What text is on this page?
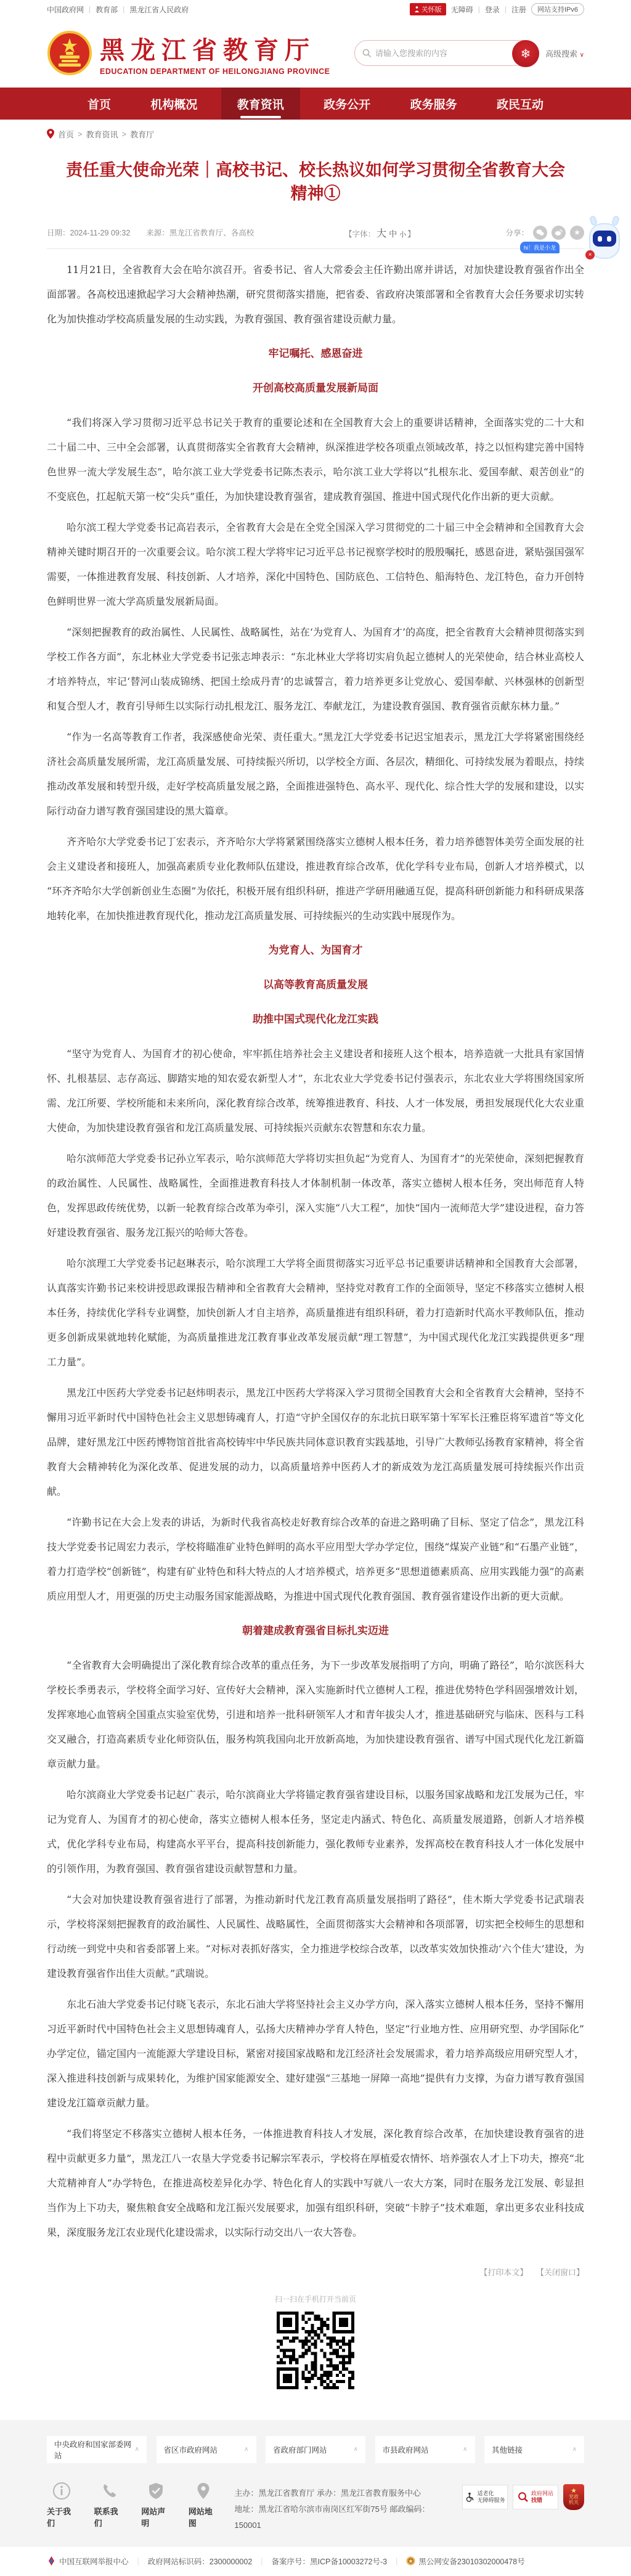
中国政府网 | 教育部 | 黑龙江省人民政府	关怀版 无障碍 | 登录 | 注册	网站支持IPv6
黑龙江省教育厅
EDUCATION DEPARTMENT OF HEILONGJIANG PROVINCE
请输入您搜索的内容
❄	高级搜索 ∨
首页	机构概况	教育资讯	政务公开	政务服务	政民互动
首页 > 教育资讯 > 教育厅
责任重大使命光荣｜高校书记、校长热议如何学习贯彻全省教育大会精神①
日期：2024-11-29 09:32 来源：黑龙江省教育厅、各高校	【字体： 大 中 小 】	分享：	★

11月21日，全省教育大会在哈尔滨召开。省委书记、省人大常委会主任许勤出席并讲话，对加快建设教育强省作出全面部署。各高校迅速掀起学习大会精神热潮，研究贯彻落实措施，把省委、省政府决策部署和全省教育大会任务要求切实转化为加快推动学校高质量发展的生动实践，为教育强国、教育强省建设贡献力量。

牢记嘱托、感恩奋进

开创高校高质量发展新局面

“我们将深入学习贯彻习近平总书记关于教育的重要论述和在全国教育大会上的重要讲话精神，全面落实党的二十大和二十届二中、三中全会部署，认真贯彻落实全省教育大会精神，纵深推进学校各项重点领域改革，持之以恒构建完善中国特色世界一流大学发展生态”，哈尔滨工业大学党委书记陈杰表示，哈尔滨工业大学将以“扎根东北、爱国奉献、艰苦创业”的不变底色，扛起航天第一校“尖兵”重任，为加快建设教育强省，建成教育强国、推进中国式现代化作出新的更大贡献。

哈尔滨工程大学党委书记高岩表示，全省教育大会是在全党全国深入学习贯彻党的二十届三中全会精神和全国教育大会精神关键时期召开的一次重要会议。哈尔滨工程大学将牢记习近平总书记视察学校时的殷殷嘱托，感恩奋进，紧贴强国强军需要，一体推进教育发展、科技创新、人才培养，深化中国特色、国防底色、工信特色、船海特色、龙江特色，奋力开创特色鲜明世界一流大学高质量发展新局面。

“深刻把握教育的政治属性、人民属性、战略属性，站在‘为党育人、为国育才’的高度，把全省教育大会精神贯彻落实到学校工作各方面”，东北林业大学党委书记张志坤表示：“东北林业大学将切实肩负起立德树人的光荣使命，结合林业高校人才培养特点，牢记‘替河山装成锦绣、把国土绘成丹青’的忠诚誓言，着力培养更多让党放心、爱国奉献、兴林强林的创新型和复合型人才，教育引导师生以实际行动扎根龙江、服务龙江、奉献龙江，为建设教育强国、教育强省贡献东林力量。”

“作为一名高等教育工作者，我深感使命光荣、责任重大。”黑龙江大学党委书记迟宝旭表示，黑龙江大学将紧密围绕经济社会高质量发展所需，龙江高质量发展、可持续振兴所切，以学校全方面、各层次，精细化、可持续发展为着眼点，持续推动改革发展和转型升级，走好学校高质量发展之路，全面推进强特色、高水平、现代化、综合性大学的发展和建设，以实际行动奋力谱写教育强国建设的黑大篇章。

齐齐哈尔大学党委书记丁宏表示，齐齐哈尔大学将紧紧围绕落实立德树人根本任务，着力培养德智体美劳全面发展的社会主义建设者和接班人，加强高素质专业化教师队伍建设，推进教育综合改革，优化学科专业布局，创新人才培养模式，以“环齐齐哈尔大学创新创业生态圈”为依托，积极开展有组织科研，推进产学研用融通互促，提高科研创新能力和科研成果落地转化率，在加快推进教育现代化，推动龙江高质量发展、可持续振兴的生动实践中展现作为。

为党育人、为国育才

以高等教育高质量发展

助推中国式现代化龙江实践

“坚守为党育人、为国育才的初心使命，牢牢抓住培养社会主义建设者和接班人这个根本，培养造就一大批具有家国情怀、扎根基层、志存高远、脚踏实地的知农爱农新型人才”，东北农业大学党委书记付强表示，东北农业大学将围绕国家所需、龙江所要、学校所能和未来所向，深化教育综合改革，统筹推进教育、科技、人才一体发展，勇担发展现代化大农业重大使命，为加快建设教育强省和龙江高质量发展、可持续振兴贡献东农智慧和东农力量。

哈尔滨师范大学党委书记孙立军表示，哈尔滨师范大学将切实担负起“为党育人、为国育才”的光荣使命，深刻把握教育的政治属性、人民属性、战略属性，全面推进教育科技人才体制机制一体改革，落实立德树人根本任务，突出师范育人特色，发挥思政传统优势，以新一轮教育综合改革为牵引，深入实施“八大工程”，加快“国内一流师范大学”建设进程，奋力答好建设教育强省、服务龙江振兴的哈师大答卷。

哈尔滨理工大学党委书记赵琳表示，哈尔滨理工大学将全面贯彻落实习近平总书记重要讲话精神和全国教育大会部署，认真落实许勤书记来校讲授思政课报告精神和全省教育大会精神，坚持党对教育工作的全面领导，坚定不移落实立德树人根本任务，持续优化学科专业调整，加快创新人才自主培养，高质量推进有组织科研，着力打造新时代高水平教师队伍，推动更多创新成果就地转化赋能，为高质量推进龙江教育事业改革发展贡献“理工智慧”，为中国式现代化龙江实践提供更多“理工力量”。

黑龙江中医药大学党委书记赵炜明表示，黑龙江中医药大学将深入学习贯彻全国教育大会和全省教育大会精神，坚持不懈用习近平新时代中国特色社会主义思想铸魂育人，打造“守护全国仅存的东北抗日联军第十军军长汪雅臣将军遗首”等文化品牌，建好黑龙江中医药博物馆首批省高校铸牢中华民族共同体意识教育实践基地，引导广大教师弘扬教育家精神，将全省教育大会精神转化为深化改革、促进发展的动力，以高质量培养中医药人才的新成效为龙江高质量发展可持续振兴作出贡献。

“许勤书记在大会上发表的讲话，为新时代我省高校走好教育综合改革的奋进之路明确了目标、坚定了信念”，黑龙江科技大学党委书记周宏力表示，学校将瞄准矿业特色鲜明的高水平应用型大学办学定位，围绕“煤炭产业链”和“石墨产业链”，着力打造学校“创新链”，构建有矿业特色和科大特点的人才培养模式，培养更多“思想道德素质高、应用实践能力强”的高素质应用型人才，用更强的历史主动服务国家能源战略，为推进中国式现代化教育强国、教育强省建设作出新的更大贡献。

朝着建成教育强省目标扎实迈进

“全省教育大会明确提出了深化教育综合改革的重点任务，为下一步改革发展指明了方向，明确了路径”，哈尔滨医科大学校长季勇表示，学校将全面学习好、宣传好大会精神，深入实施新时代立德树人工程，推进优势特色学科固强增效计划，发挥寒地心血管病全国重点实验室优势，引进和培养一批科研领军人才和青年拔尖人才，推进基础研究与临床、医科与工科交叉融合，打造高素质专业化师资队伍，服务构筑我国向北开放新高地，为加快建设教育强省、谱写中国式现代化龙江新篇章贡献力量。

哈尔滨商业大学党委书记赵广表示，哈尔滨商业大学将锚定教育强省建设目标，以服务国家战略和龙江发展为己任，牢记为党育人、为国育才的初心使命，落实立德树人根本任务，坚定走内涵式、特色化、高质量发展道路，创新人才培养模式，优化学科专业布局，构建高水平平台，提高科技创新能力，强化教师专业素养，发挥高校在教育科技人才一体化发展中的引领作用，为教育强国、教育强省建设贡献智慧和力量。

“大会对加快建设教育强省进行了部署，为推动新时代龙江教育高质量发展指明了路径”，佳木斯大学党委书记武瑞表示，学校将深刻把握教育的政治属性、人民属性、战略属性，全面贯彻落实大会精神和各项部署，切实把全校师生的思想和行动统一到党中央和省委部署上来。“对标对表抓好落实，全力推进学校综合改革，以改革实效加快推动‘六个佳大’建设，为建设教育强省作出佳大贡献。”武瑞说。

东北石油大学党委书记付晓飞表示，东北石油大学将坚持社会主义办学方向，深入落实立德树人根本任务，坚持不懈用习近平新时代中国特色社会主义思想铸魂育人，弘扬大庆精神办学育人特色，坚定“行业地方性、应用研究型、办学国际化”办学定位，锚定国内一流能源大学建设目标，紧密对接国家战略和龙江经济社会发展需求，着力培养高级应用研究型人才，深入推进科技创新与成果转化，为维护国家能源安全、建好建强“三基地一屏障一高地”提供有力支撑，为奋力谱写教育强国建设龙江篇章贡献力量。

“我们将坚定不移落实立德树人根本任务，一体推进教育科技人才发展，深化教育综合改革，在加快建设教育强省的进程中贡献更多力量”，黑龙江八一农垦大学党委书记解宗军表示，学校将在厚植爱农情怀、培养强农人才上下功夫，擦亮“北大荒精神育人”办学特色，在推进高校差异化办学、特色化育人的实践中写就八一农大方案，同时在服务龙江发展、彰显担当作为上下功夫，聚焦粮食安全战略和龙江振兴发展要求，加强有组织科研，突破“卡脖子”技术难题，拿出更多农业科技成果，深度服务龙江农业现代化建设需求，以实际行动交出八一农大答卷。

【打印本文】 【关闭窗口】
扫一扫在手机打开当前页
hi！我是小龙
×
中央政府和国家部委网站
∧	省区市政府网站	∧	省政府部门网站	∧	市县政府网站	∧	其他链接	∧
关于我们
联系我们
网站声明
网站地图
主办：黑龙江省教育厅 承办：黑龙江省教育服务中心
地址：黑龙江省哈尔滨市南岗区红军街75号 邮政编码：150001
适老化
无障碍服务
政府网站
找错
★
党政
机关
中国互联网举报中心 | 政府网站标识码：2300000002 | 备案序号：黑ICP备10003272号-3 |	黑公网安备23010302000478号
